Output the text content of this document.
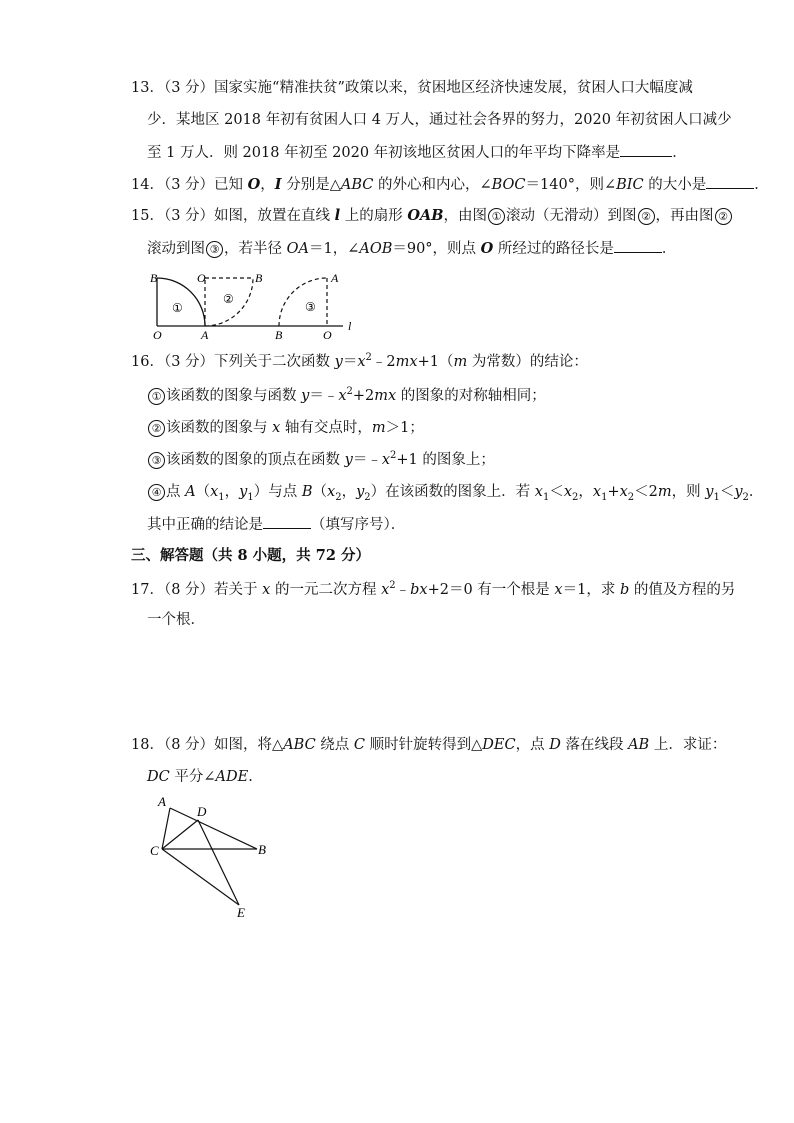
13．（3 分）国家实施“精准扶贫”政策以来，贫困地区经济快速发展，贫困人口大幅度减
少．某地区 2018 年初有贫困人口 4 万人，通过社会各界的努力，2020 年初贫困人口减少
至 1 万人．则 2018 年初至 2020 年初该地区贫困人口的年平均下降率是	．
14．（3 分）已知 O，I 分别是△ABC 的外心和内心，∠BOC＝140°，则∠BIC 的大小是	．
15．（3 分）如图，放置在直线 l 上的扇形 OAB，由图 ① 滚动（无滑动）到图 ② ，再由图 ②
滚动到图 ③ ，若半径 OA＝1，∠AOB＝90°，则点 O 所经过的路径长是	．
B	O	B	A
O	A	B	O
l
①
②
③
16．（3 分）下列关于二次函数 $y=x^2﹣2mx+1(m$ 为常数）的结论：
① 该函数的图象与函数 $y=﹣x^2+2mx$ 的图象的对称轴相同；
② 该函数的图象与 x 轴有交点时，m＞1；
③ 该函数的图象的顶点在函数 $y=﹣x^2+1$ 的图象上；
④ 点 $A(x_1$，$y_1$）与点 $B(x_2$，$y_2$）在该函数的图象上．若 $x_1<x_2$，$x_1+x_2<2m$，则 $y_1<y_2$．
其中正确的结论是	（填写序号）．
三、解答题（共 8 小题，共 72 分）
17．（8 分）若关于 x 的一元二次方程 $x^2﹣bx+2=0$ 有一个根是 x＝1，求 b 的值及方程的另
一个根．
18．（8 分）如图，将△ABC 绕点 C 顺时针旋转得到△DEC，点 D 落在线段 AB 上．求证：
DC 平分∠ADE.
A
D
C	B
E
